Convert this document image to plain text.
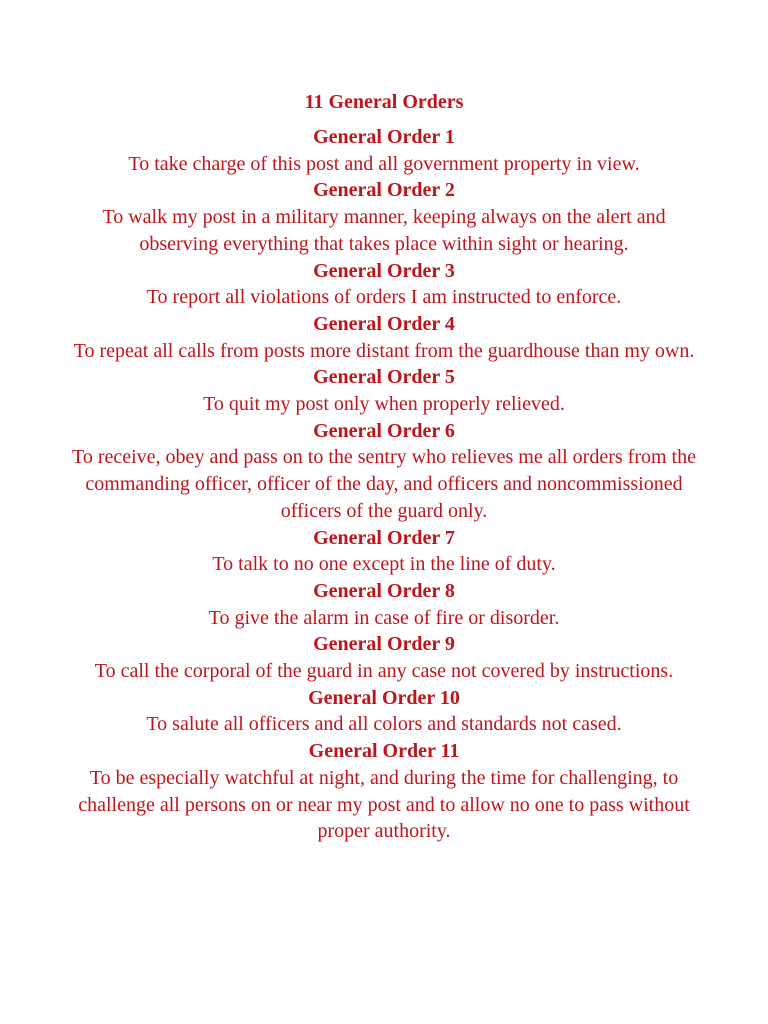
11 General Orders

General Order 1

To take charge of this post and all government property in view.

General Order 2

To walk my post in a military manner, keeping always on the alert and observing everything that takes place within sight or hearing.

General Order 3

To report all violations of orders I am instructed to enforce.

General Order 4

To repeat all calls from posts more distant from the guardhouse than my own.

General Order 5

To quit my post only when properly relieved.

General Order 6

To receive, obey and pass on to the sentry who relieves me all orders from the commanding officer, officer of the day, and officers and noncommissioned officers of the guard only.

General Order 7

To talk to no one except in the line of duty.

General Order 8

To give the alarm in case of fire or disorder.

General Order 9

To call the corporal of the guard in any case not covered by instructions.

General Order 10

To salute all officers and all colors and standards not cased.

General Order 11

To be especially watchful at night, and during the time for challenging, to challenge all persons on or near my post and to allow no one to pass without proper authority.
